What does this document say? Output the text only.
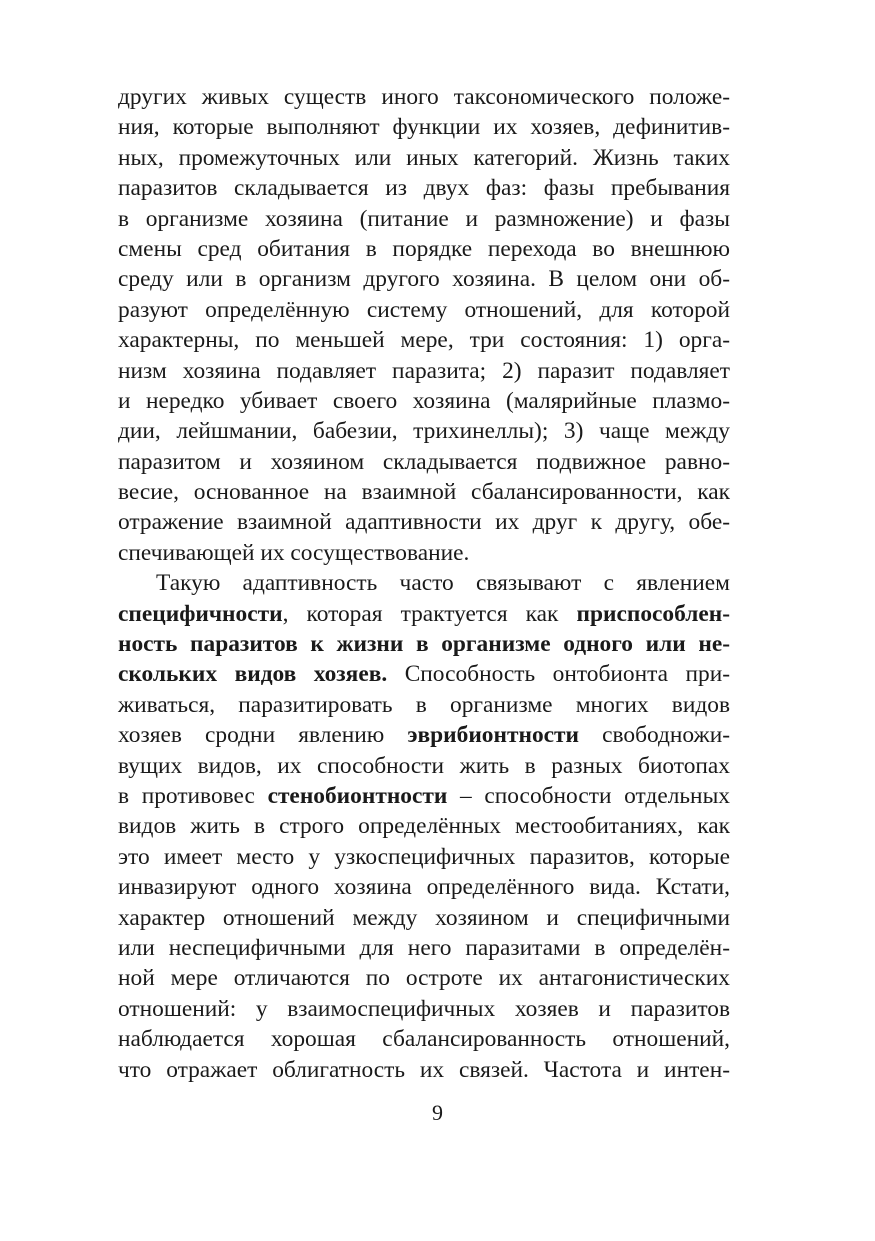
других живых существ иного таксономического положе-
ния, которые выполняют функции их хозяев, дефинитив-
ных, промежуточных или иных категорий. Жизнь таких
паразитов складывается из двух фаз: фазы пребывания
в организме хозяина (питание и размножение) и фазы
смены сред обитания в порядке перехода во внешнюю
среду или в организм другого хозяина. В целом они об-
разуют определённую систему отношений, для которой
характерны, по меньшей мере, три состояния: 1) орга-
низм хозяина подавляет паразита; 2) паразит подавляет
и нередко убивает своего хозяина (малярийные плазмо-
дии, лейшмании, бабезии, трихинеллы); 3) чаще между
паразитом и хозяином складывается подвижное равно-
весие, основанное на взаимной сбалансированности, как
отражение взаимной адаптивности их друг к другу, обе-
спечивающей их сосуществование.
Такую адаптивность часто связывают с явлением
специфичности, которая трактуется как приспособлен-
ность паразитов к жизни в организме одного или не-
скольких видов хозяев. Способность онтобионта при-
живаться, паразитировать в организме многих видов
хозяев сродни явлению эврибионтности свободножи-
вущих видов, их способности жить в разных биотопах
в противовес стенобионтности – способности отдельных
видов жить в строго определённых местообитаниях, как
это имеет место у узкоспецифичных паразитов, которые
инвазируют одного хозяина определённого вида. Кстати,
характер отношений между хозяином и специфичными
или неспецифичными для него паразитами в определён-
ной мере отличаются по остроте их антагонистических
отношений: у взаимоспецифичных хозяев и паразитов
наблюдается хорошая сбалансированность отношений,
что отражает облигатность их связей. Частота и интен-
9
